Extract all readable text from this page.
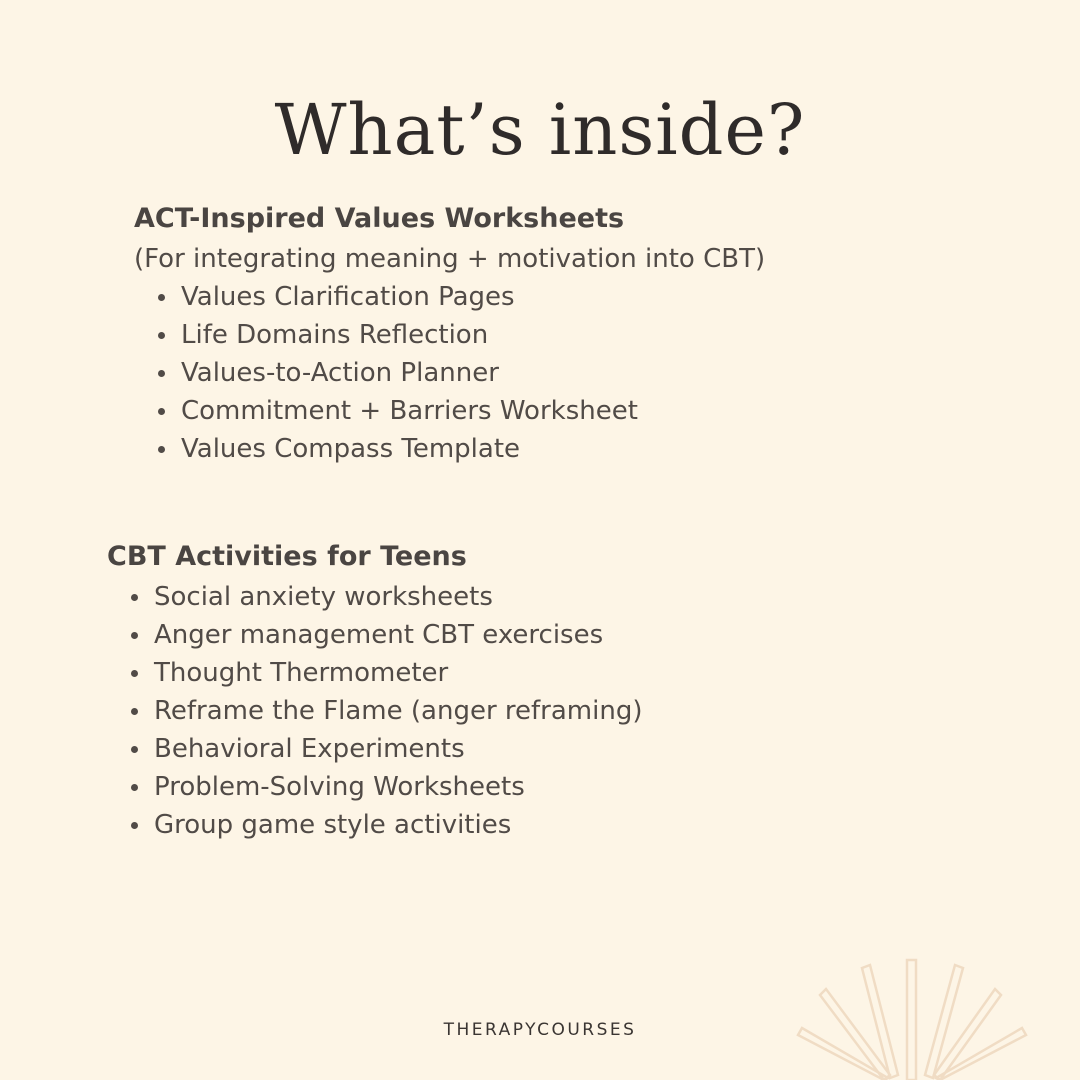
What’s inside?
ACT-Inspired Values Worksheets
(For integrating meaning + motivation into CBT)
Values Clarification Pages
Life Domains Reflection
Values-to-Action Planner
Commitment + Barriers Worksheet
Values Compass Template
CBT Activities for Teens
Social anxiety worksheets
Anger management CBT exercises
Thought Thermometer
Reframe the Flame (anger reframing)
Behavioral Experiments
Problem-Solving Worksheets
Group game style activities
THERAPYCOURSES
